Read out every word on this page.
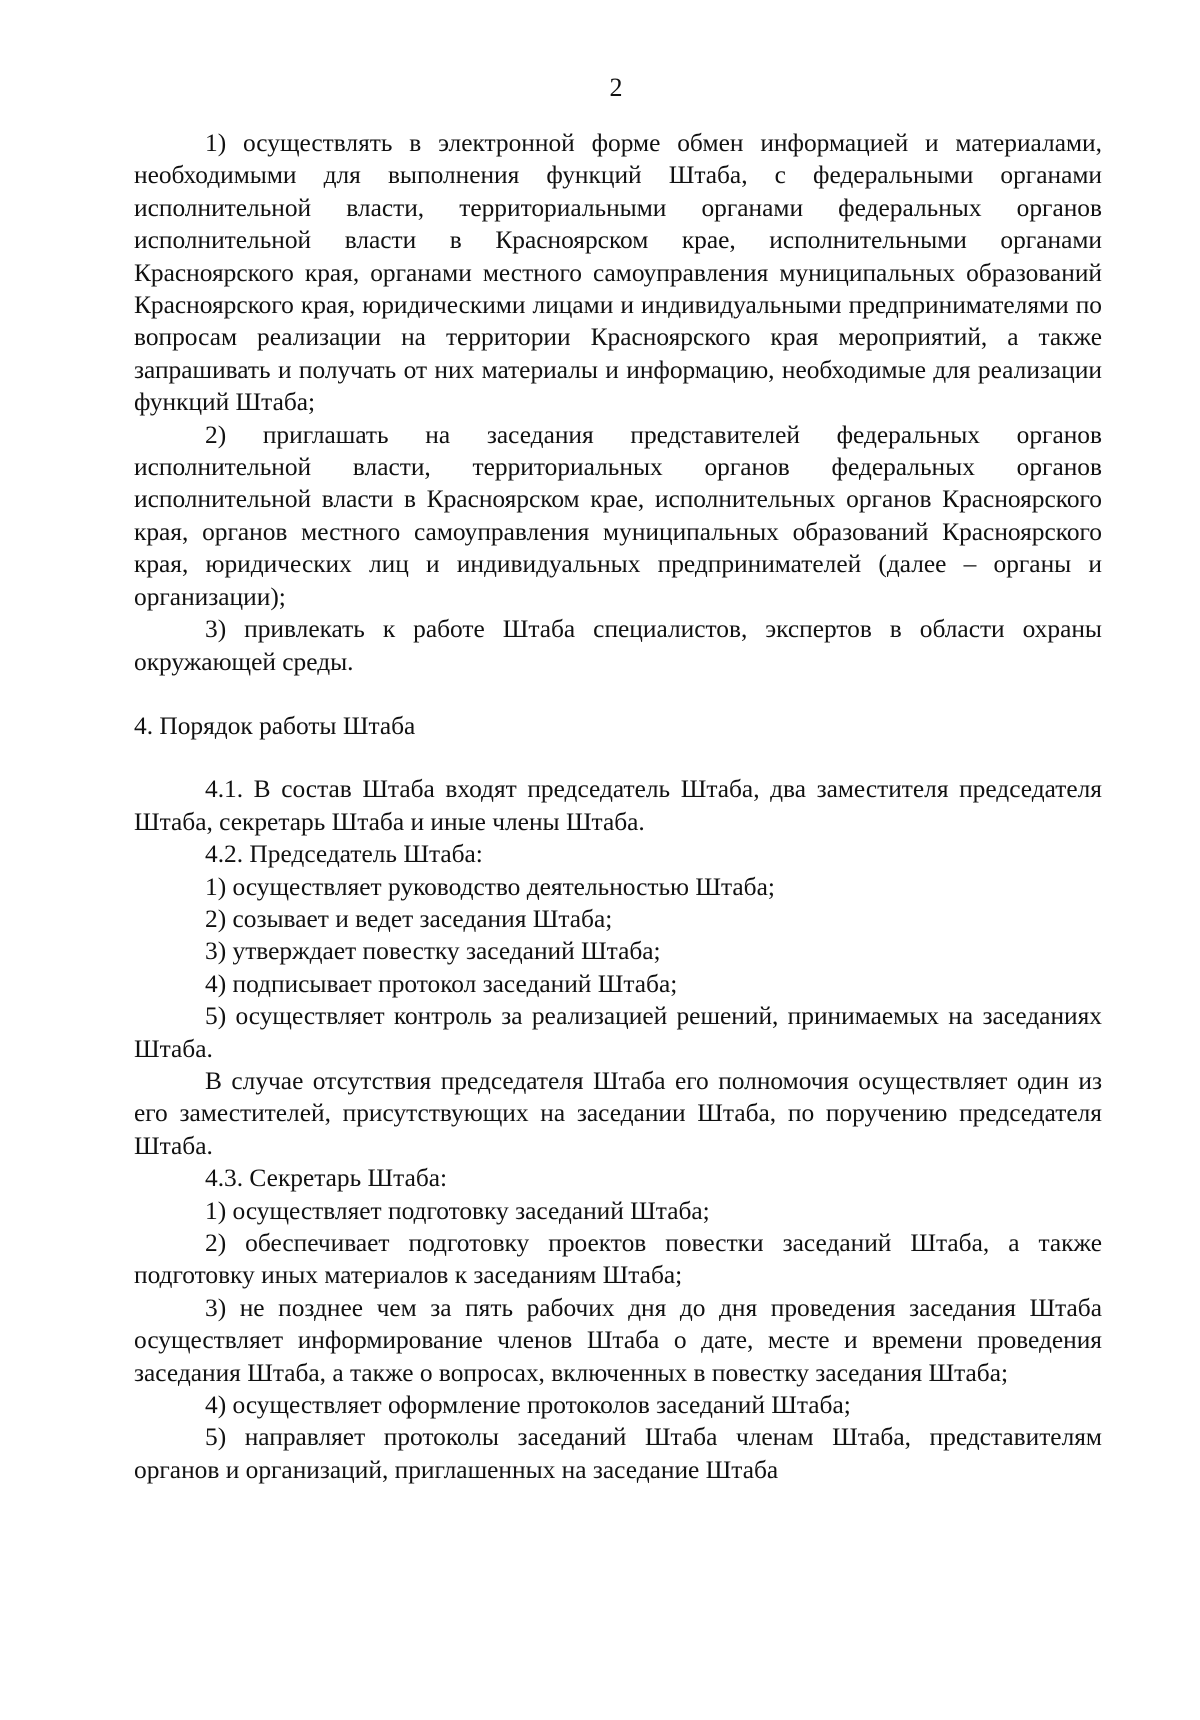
2

1) осуществлять в электронной форме обмен информацией и материалами, необходимыми для выполнения функций Штаба, с федеральными органами исполнительной власти, территориальными органами федеральных органов исполнительной власти в Красноярском крае, исполнительными органами Красноярского края, органами местного самоуправления муниципальных образований Красноярского края, юридическими лицами и индивидуальными предпринимателями по вопросам реализации на территории Красноярского края мероприятий, а также запрашивать и получать от них материалы и информацию, необходимые для реализации функций Штаба;

2) приглашать на заседания представителей федеральных органов исполнительной власти, территориальных органов федеральных органов исполнительной власти в Красноярском крае, исполнительных органов Красноярского края, органов местного самоуправления муниципальных образований Красноярского края, юридических лиц и индивидуальных предпринимателей (далее – органы и организации);

3) привлекать к работе Штаба специалистов, экспертов в области охраны окружающей среды.

4. Порядок работы Штаба

4.1. В состав Штаба входят председатель Штаба, два заместителя председателя Штаба, секретарь Штаба и иные члены Штаба.

4.2. Председатель Штаба:

1) осуществляет руководство деятельностью Штаба;

2) созывает и ведет заседания Штаба;

3) утверждает повестку заседаний Штаба;

4) подписывает протокол заседаний Штаба;

5) осуществляет контроль за реализацией решений, принимаемых на заседаниях Штаба.

В случае отсутствия председателя Штаба его полномочия осуществляет один из его заместителей, присутствующих на заседании Штаба, по поручению председателя Штаба.

4.3. Секретарь Штаба:

1) осуществляет подготовку заседаний Штаба;

2) обеспечивает подготовку проектов повестки заседаний Штаба, а также подготовку иных материалов к заседаниям Штаба;

3) не позднее чем за пять рабочих дня до дня проведения заседания Штаба осуществляет информирование членов Штаба о дате, месте и времени проведения заседания Штаба, а также о вопросах, включенных в повестку заседания Штаба;

4) осуществляет оформление протоколов заседаний Штаба;

5) направляет протоколы заседаний Штаба членам Штаба, представителям органов и организаций, приглашенных на заседание Штаба
